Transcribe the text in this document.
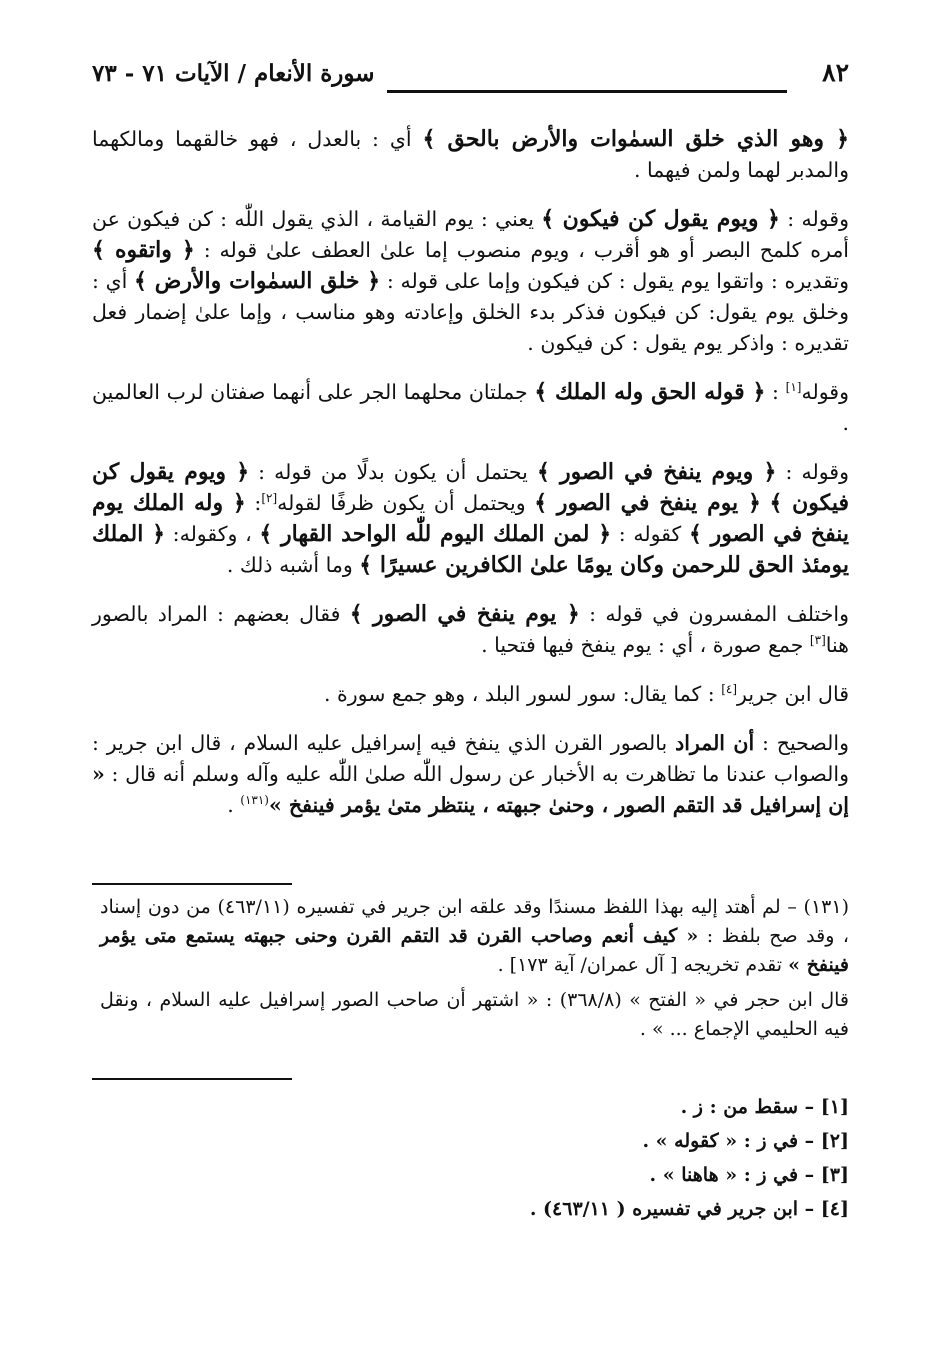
٨٢
سورة الأنعام / الآيات ٧١ - ٧٣

﴿ وهو الذي خلق السمٰوات والأرض بالحق ﴾ أي : بالعدل ، فهو خالقهما ومالكهما والمدبر لهما ولمن فيهما .

وقوله : ﴿ ويوم يقول كن فيكون ﴾ يعني : يوم القيامة ، الذي يقول اللّٰه : كن فيكون عن أمره كلمح البصر أو هو أقرب ، ويوم منصوب إما علىٰ العطف علىٰ قوله : ﴿ واتقوه ﴾ وتقديره : واتقوا يوم يقول : كن فيكون وإما على قوله : ﴿ خلق السمٰوات والأرض ﴾ أي : وخلق يوم يقول: كن فيكون فذكر بدء الخلق وإعادته وهو مناسب ، وإما علىٰ إضمار فعل تقديره : واذكر يوم يقول : كن فيكون .

وقوله[١] : ﴿ قوله الحق وله الملك ﴾ جملتان محلهما الجر على أنهما صفتان لرب العالمين .

وقوله : ﴿ ويوم ينفخ في الصور ﴾ يحتمل أن يكون بدلًا من قوله : ﴿ ويوم يقول كن فيكون ﴾ ﴿ يوم ينفخ في الصور ﴾ ويحتمل أن يكون ظرفًا لقوله[٢]: ﴿ وله الملك يوم ينفخ في الصور ﴾ كقوله : ﴿ لمن الملك اليوم للّٰه الواحد القهار ﴾ ، وكقوله: ﴿ الملك يومئذ الحق للرحمن وكان يومًا علىٰ الكافرين عسيرًا ﴾ وما أشبه ذلك .

واختلف المفسرون في قوله : ﴿ يوم ينفخ في الصور ﴾ فقال بعضهم : المراد بالصور هنا[٣] جمع صورة ، أي : يوم ينفخ فيها فتحيا .

قال ابن جرير[٤] : كما يقال: سور لسور البلد ، وهو جمع سورة .

والصحيح : أن المراد بالصور القرن الذي ينفخ فيه إسرافيل عليه السلام ، قال ابن جرير : والصواب عندنا ما تظاهرت به الأخبار عن رسول اللّٰه صلىٰ اللّٰه عليه وآله وسلم أنه قال : « إن إسرافيل قد التقم الصور ، وحنىٰ جبهته ، ينتظر متىٰ يؤمر فينفخ »$^{(١٣١)}$ .

(١٣١) – لم أهتد إليه بهذا اللفظ مسندًا وقد علقه ابن جرير في تفسيره (٤٦٣/١١) من دون إسناد ، وقد صح بلفظ : « كيف أنعم وصاحب القرن قد التقم القرن وحنى جبهته يستمع متى يؤمر فينفخ » تقدم تخريجه [ آل عمران/ آية ١٧٣] .

قال ابن حجر في « الفتح » (٣٦٨/٨) : « اشتهر أن صاحب الصور إسرافيل عليه السلام ، ونقل فيه الحليمي الإجماع ... » .

[١] – سقط من : ز .
[٢] – في ز : « كقوله » .
[٣] – في ز : « هاهنا » .
[٤] – ابن جرير في تفسيره ( ٤٦٣/١١) .
